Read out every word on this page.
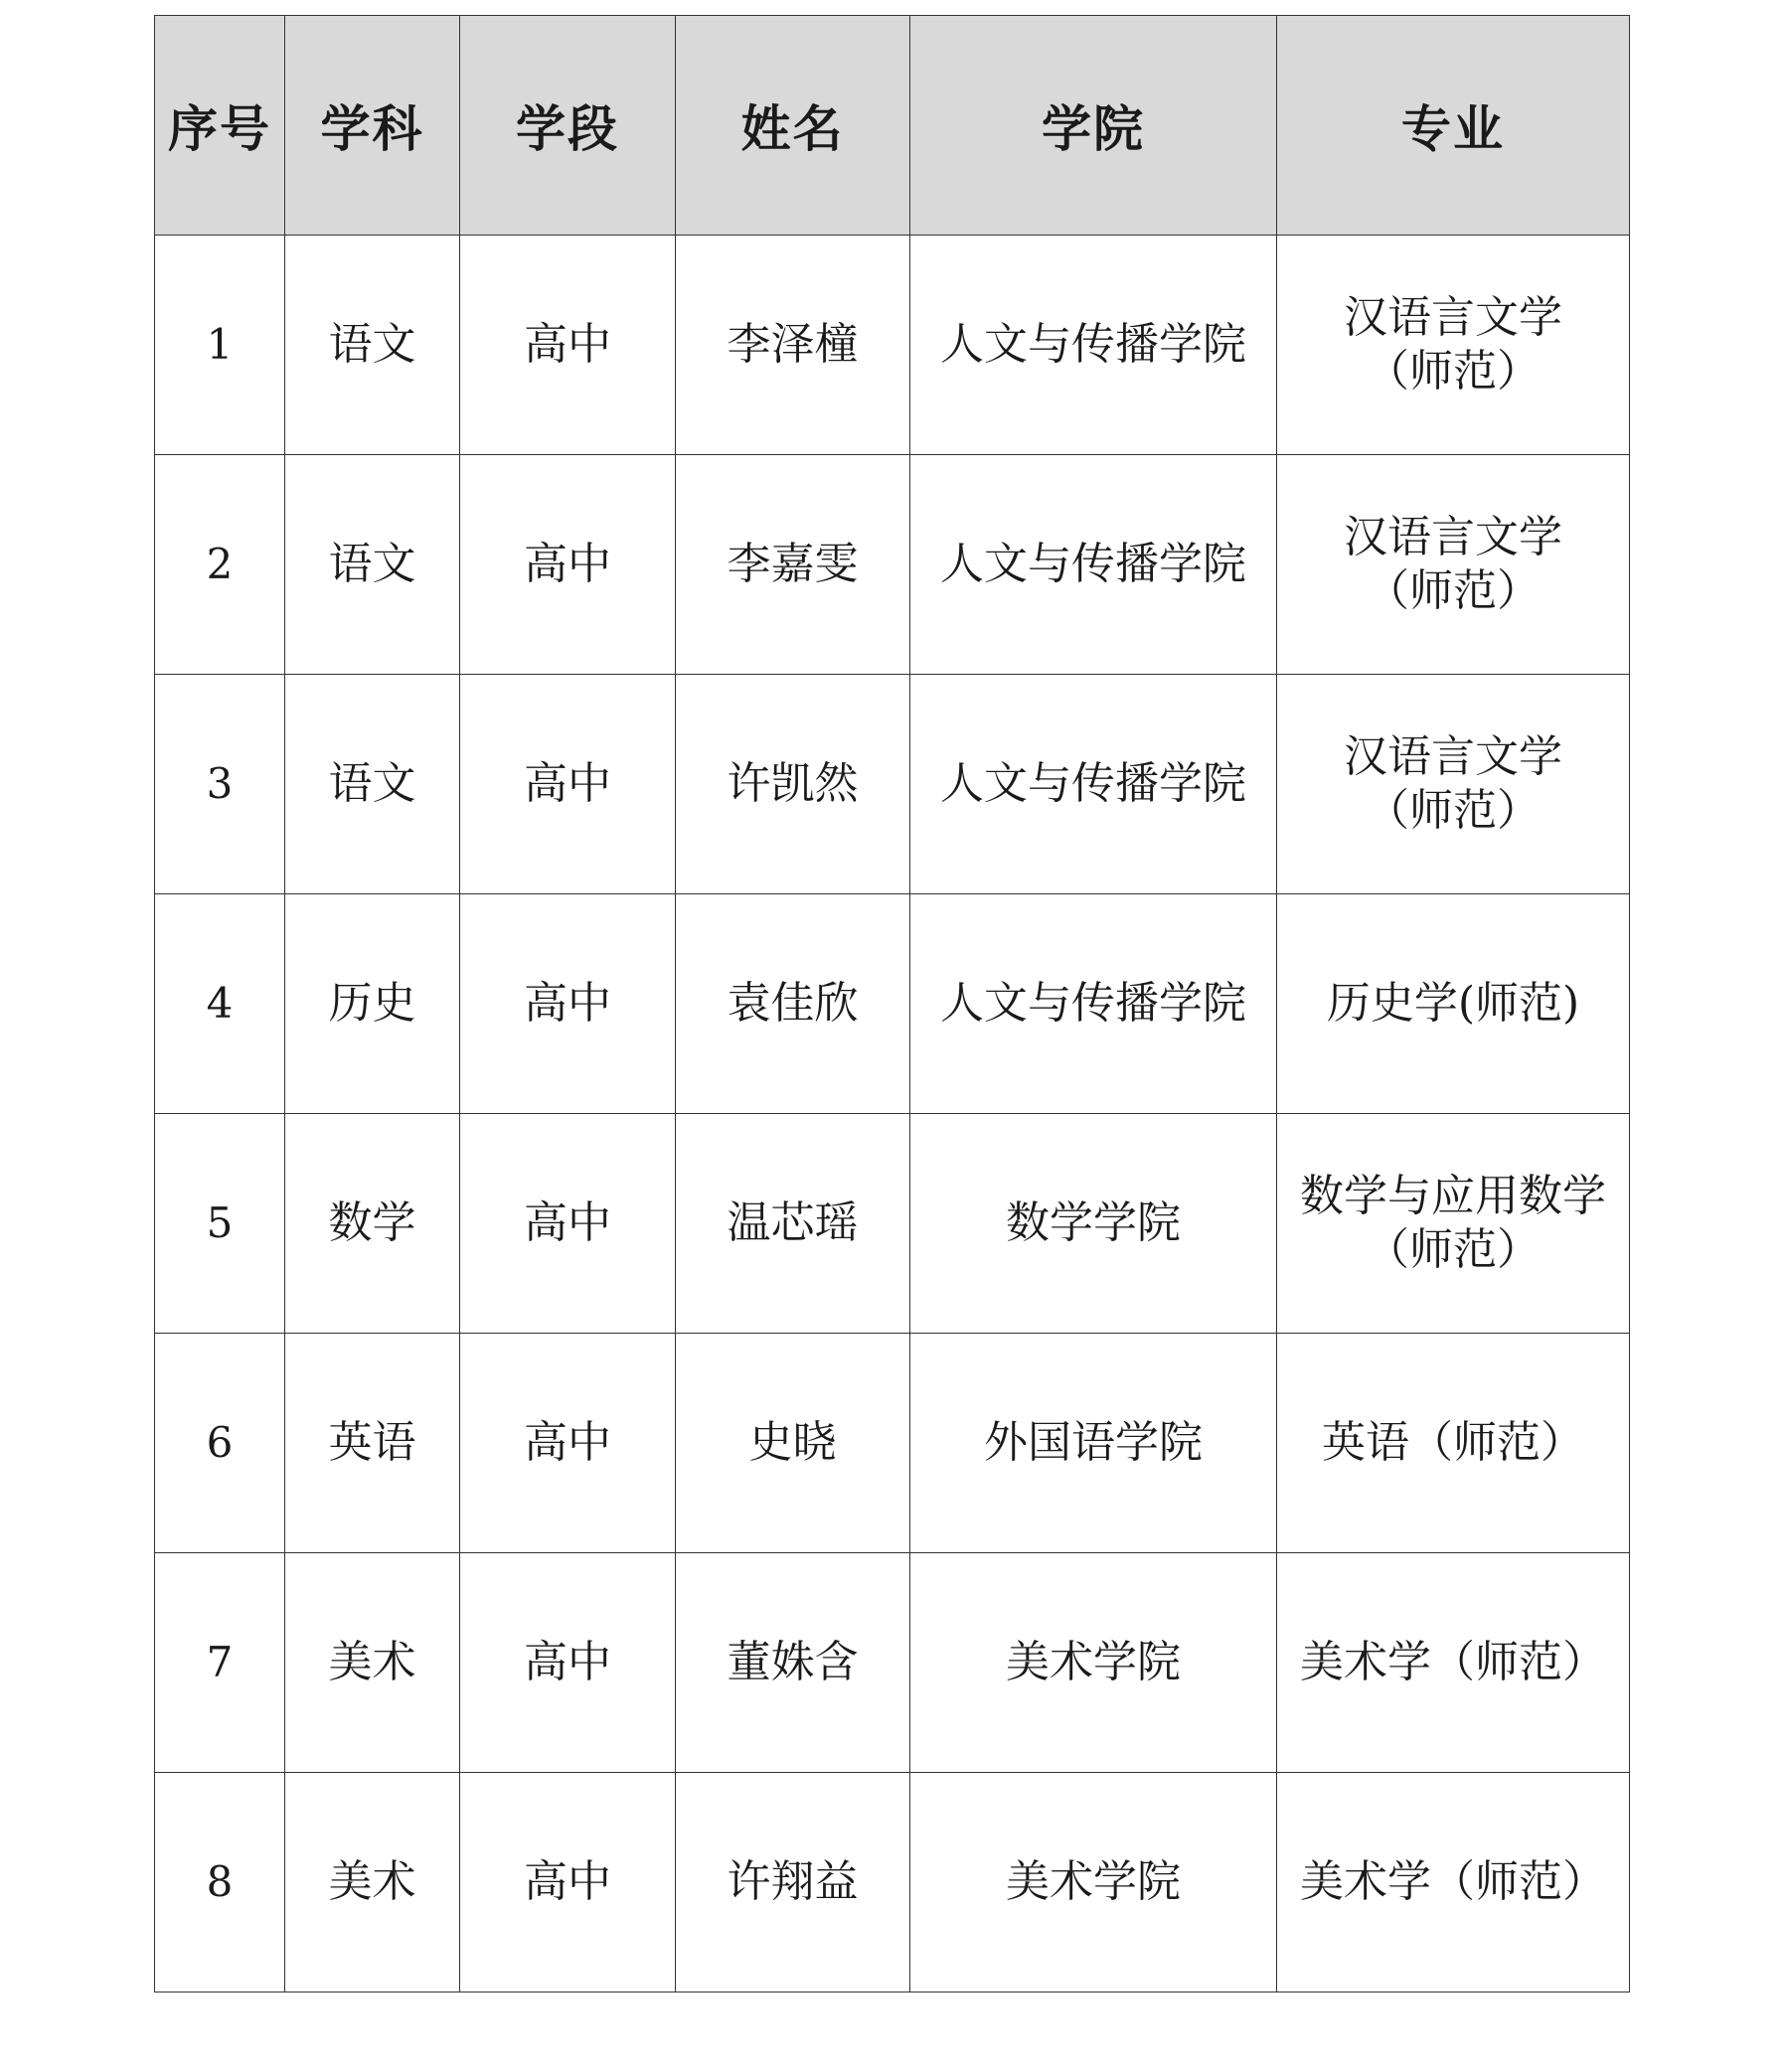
序号	学科	学段	姓名	学院	专业
1	语文	高中	李泽橦	人文与传播学院	汉语言文学
（师范）
2	语文	高中	李嘉雯	人文与传播学院	汉语言文学
（师范）
3	语文	高中	许凯然	人文与传播学院	汉语言文学
（师范）
4	历史	高中	袁佳欣	人文与传播学院	历史学(师范)
5	数学	高中	温芯瑶	数学学院	数学与应用数学
（师范）
6	英语	高中	史晓	外国语学院	英语（师范）
7	美术	高中	董姝含	美术学院	美术学（师范）
8	美术	高中	许翔益	美术学院	美术学（师范）
